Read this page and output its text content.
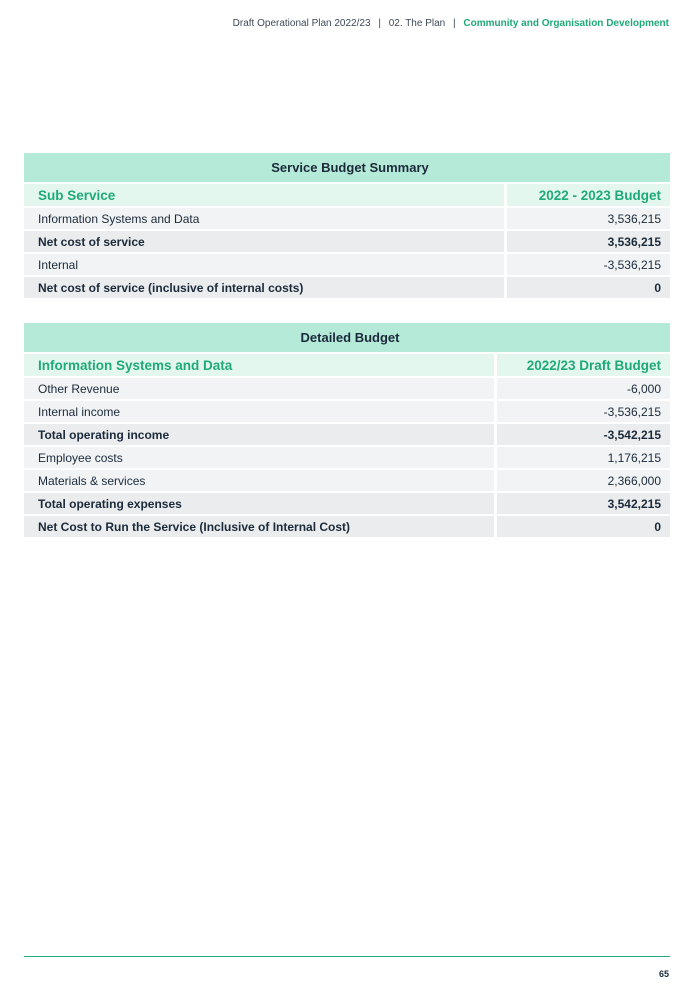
Draft Operational Plan 2022/23 | 02. The Plan | Community and Organisation Development
Service Budget Summary		
Sub Service		2022 - 2023 Budget
Information Systems and Data		3,536,215
Net cost of service		3,536,215
Internal		-3,536,215
Net cost of service (inclusive of internal costs)		0
Detailed Budget		
Information Systems and Data		2022/23 Draft Budget
Other Revenue		-6,000
Internal income		-3,536,215
Total operating income		-3,542,215
Employee costs		1,176,215
Materials & services		2,366,000
Total operating expenses		3,542,215
Net Cost to Run the Service (Inclusive of Internal Cost)		0
65
